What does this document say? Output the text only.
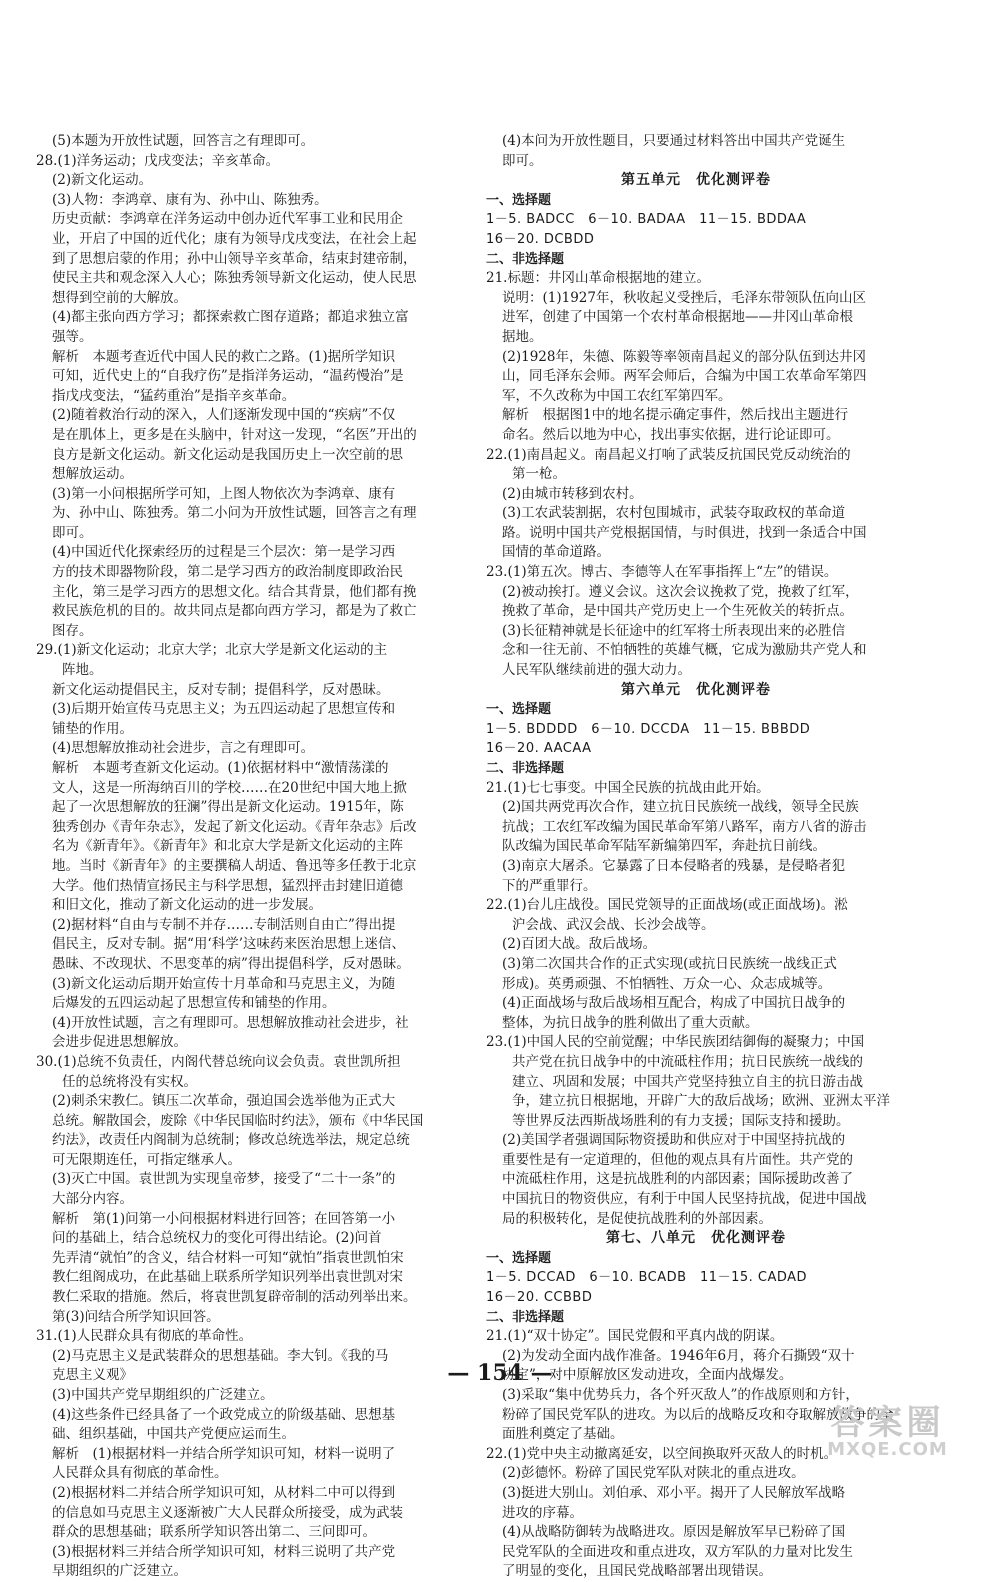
(5)本题为开放性试题，回答言之有理即可。
28.(1)洋务运动；戊戌变法；辛亥革命。
(2)新文化运动。
(3)人物：李鸿章、康有为、孙中山、陈独秀。
历史贡献：李鸿章在洋务运动中创办近代军事工业和民用企
业，开启了中国的近代化；康有为领导戊戌变法，在社会上起
到了思想启蒙的作用；孙中山领导辛亥革命，结束封建帝制，
使民主共和观念深入人心；陈独秀领导新文化运动，使人民思
想得到空前的大解放。
(4)都主张向西方学习；都探索救亡图存道路；都追求独立富
强等。
解析　本题考查近代中国人民的救亡之路。(1)据所学知识
可知，近代史上的“自我疗伤”是指洋务运动，“温药慢治”是
指戊戌变法，“猛药重治”是指辛亥革命。
(2)随着救治行动的深入，人们逐渐发现中国的“疾病”不仅
是在肌体上，更多是在头脑中，针对这一发现，“名医”开出的
良方是新文化运动。新文化运动是我国历史上一次空前的思
想解放运动。
(3)第一小问根据所学可知，上图人物依次为李鸿章、康有
为、孙中山、陈独秀。第二小问为开放性试题，回答言之有理
即可。
(4)中国近代化探索经历的过程是三个层次：第一是学习西
方的技术即器物阶段，第二是学习西方的政治制度即政治民
主化，第三是学习西方的思想文化。结合其背景，他们都有挽
救民族危机的目的。故共同点是都向西方学习，都是为了救亡
图存。
29.(1)新文化运动；北京大学；北京大学是新文化运动的主
阵地。
新文化运动提倡民主，反对专制；提倡科学，反对愚昧。
(3)后期开始宣传马克思主义；为五四运动起了思想宣传和
铺垫的作用。
(4)思想解放推动社会进步，言之有理即可。
解析　本题考查新文化运动。(1)依据材料中“激情荡漾的
文人，这是一所海纳百川的学校……在20世纪中国大地上掀
起了一次思想解放的狂澜”得出是新文化运动。1915年，陈
独秀创办《青年杂志》，发起了新文化运动。《青年杂志》后改
名为《新青年》。《新青年》和北京大学是新文化运动的主阵
地。当时《新青年》的主要撰稿人胡适、鲁迅等多任教于北京
大学。他们热情宣扬民主与科学思想，猛烈抨击封建旧道德
和旧文化，推动了新文化运动的进一步发展。
(2)据材料“自由与专制不并存……专制活则自由亡”得出提
倡民主，反对专制。据“用‘科学’这味药来医治思想上迷信、
愚昧、不改现状、不思变革的病”得出提倡科学，反对愚昧。
(3)新文化运动后期开始宣传十月革命和马克思主义，为随
后爆发的五四运动起了思想宣传和铺垫的作用。
(4)开放性试题，言之有理即可。思想解放推动社会进步，社
会进步促进思想解放。
30.(1)总统不负责任，内阁代替总统向议会负责。袁世凯所担
任的总统将没有实权。
(2)刺杀宋教仁。镇压二次革命，强迫国会选举他为正式大
总统。解散国会，废除《中华民国临时约法》，颁布《中华民国
约法》，改责任内阁制为总统制；修改总统选举法，规定总统
可无限期连任，可指定继承人。
(3)灭亡中国。袁世凯为实现皇帝梦，接受了“二十一条”的
大部分内容。
解析　第(1)问第一小问根据材料进行回答；在回答第一小
问的基础上，结合总统权力的变化可得出结论。(2)问首
先弄清“就怕”的含义，结合材料一可知“就怕”指袁世凯怕宋
教仁组阁成功，在此基础上联系所学知识列举出袁世凯对宋
教仁采取的措施。然后，将袁世凯复辟帝制的活动列举出来。
第(3)问结合所学知识回答。
31.(1)人民群众具有彻底的革命性。
(2)马克思主义是武装群众的思想基础。李大钊。《我的马
克思主义观》
(3)中国共产党早期组织的广泛建立。
(4)这些条件已经具备了一个政党成立的阶级基础、思想基
础、组织基础，中国共产党便应运而生。
解析　(1)根据材料一并结合所学知识可知，材料一说明了
人民群众具有彻底的革命性。
(2)根据材料二并结合所学知识可知，从材料二中可以得到
的信息如马克思主义逐渐被广大人民群众所接受，成为武装
群众的思想基础；联系所学知识答出第二、三问即可。
(3)根据材料三并结合所学知识可知，材料三说明了共产党
早期组织的广泛建立。
(4)本问为开放性题目，只要通过材料答出中国共产党诞生
即可。
第五单元　优化测评卷
一、选择题
1－5. BADCC　6－10. BADAA　11－15. BDDAA
16－20. DCBDD
二、非选择题
21.标题：井冈山革命根据地的建立。
说明：(1)1927年，秋收起义受挫后，毛泽东带领队伍向山区
进军，创建了中国第一个农村革命根据地——井冈山革命根
据地。
(2)1928年，朱德、陈毅等率领南昌起义的部分队伍到达井冈
山，同毛泽东会师。两军会师后，合编为中国工农革命军第四
军，不久改称为中国工农红军第四军。
解析　根据图1中的地名提示确定事件，然后找出主题进行
命名。然后以地为中心，找出事实依据，进行论证即可。
22.(1)南昌起义。南昌起义打响了武装反抗国民党反动统治的
第一枪。
(2)由城市转移到农村。
(3)工农武装割据，农村包围城市，武装夺取政权的革命道
路。说明中国共产党根据国情，与时俱进，找到一条适合中国
国情的革命道路。
23.(1)第五次。博古、李德等人在军事指挥上“左”的错误。
(2)被动挨打。遵义会议。这次会议挽救了党，挽救了红军，
挽救了革命，是中国共产党历史上一个生死攸关的转折点。
(3)长征精神就是长征途中的红军将士所表现出来的必胜信
念和一往无前、不怕牺牲的英雄气概，它成为激励共产党人和
人民军队继续前进的强大动力。
第六单元　优化测评卷
一、选择题
1－5. BDDDD　6－10. DCCDA　11－15. BBBDD
16－20. AACAA
二、非选择题
21.(1)七七事变。中国全民族的抗战由此开始。
(2)国共两党再次合作，建立抗日民族统一战线，领导全民族
抗战；工农红军改编为国民革命军第八路军，南方八省的游击
队改编为国民革命军陆军新编第四军，奔赴抗日前线。
(3)南京大屠杀。它暴露了日本侵略者的残暴，是侵略者犯
下的严重罪行。
22.(1)台儿庄战役。国民党领导的正面战场(或正面战场)。淞
沪会战、武汉会战、长沙会战等。
(2)百团大战。敌后战场。
(3)第二次国共合作的正式实现(或抗日民族统一战线正式
形成)。英勇顽强、不怕牺牲、万众一心、众志成城等。
(4)正面战场与敌后战场相互配合，构成了中国抗日战争的
整体，为抗日战争的胜利做出了重大贡献。
23.(1)中国人民的空前觉醒；中华民族团结御侮的凝聚力；中国
共产党在抗日战争中的中流砥柱作用；抗日民族统一战线的
建立、巩固和发展；中国共产党坚持独立自主的抗日游击战
争，建立抗日根据地，开辟广大的敌后战场；欧洲、亚洲太平洋
等世界反法西斯战场胜利的有力支援；国际支持和援助。
(2)美国学者强调国际物资援助和供应对于中国坚持抗战的
重要性是有一定道理的，但他的观点具有片面性。共产党的
中流砥柱作用，这是抗战胜利的内部因素；国际援助改善了
中国抗日的物资供应，有利于中国人民坚持抗战，促进中国战
局的积极转化，是促使抗战胜利的外部因素。
第七、八单元　优化测评卷
一、选择题
1－5. DCCAD　6－10. BCADB　11－15. CADAD
16－20. CCBBD
二、非选择题
21.(1)“双十协定”。国民党假和平真内战的阴谋。
(2)为发动全面内战作准备。1946年6月，蒋介石撕毁“双十
协定”，对中原解放区发动进攻，全面内战爆发。
(3)采取“集中优势兵力，各个歼灭敌人”的作战原则和方针，
粉碎了国民党军队的进攻。为以后的战略反攻和夺取解放战争的全
面胜利奠定了基础。
22.(1)党中央主动撤离延安，以空间换取歼灭敌人的时机。
(2)彭德怀。粉碎了国民党军队对陕北的重点进攻。
(3)挺进大别山。刘伯承、邓小平。揭开了人民解放军战略
进攻的序幕。
(4)从战略防御转为战略进攻。原因是解放军早已粉碎了国
民党军队的全面进攻和重点进攻，双方军队的力量对比发生
了明显的变化，且国民党战略部署出现错误。
— 154 —
答案圈
MXQE.COM
